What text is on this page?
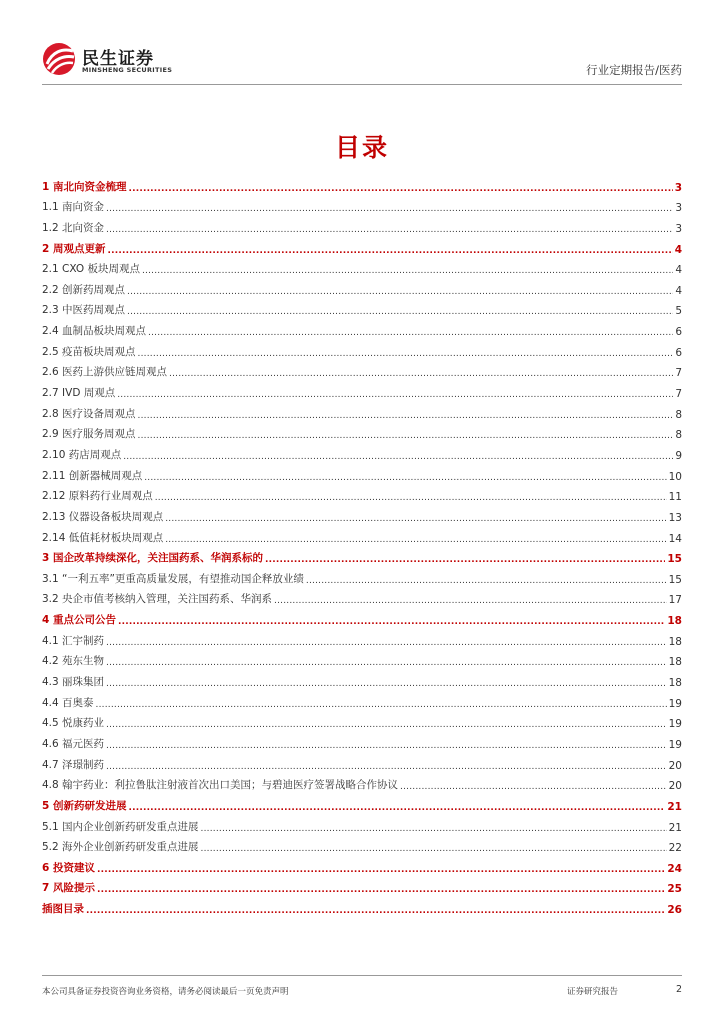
民生证券
MINSHENG SECURITIES	行业定期报告/医药
目录
1 南北向资金梳理 .....	3
1.1 南向资金 .....	3
1.2 北向资金 .....	3
2 周观点更新 .....	4
2.1 CXO 板块周观点 .....	4
2.2 创新药周观点 .....	4
2.3 中医药周观点 .....	5
2.4 血制品板块周观点 .....	6
2.5 疫苗板块周观点 .....	6
2.6 医药上游供应链周观点 .....	7
2.7 IVD 周观点 .....	7
2.8 医疗设备周观点 .....	8
2.9 医疗服务周观点 .....	8
2.10 药店周观点 .....	9
2.11 创新器械周观点 .....	10
2.12 原料药行业周观点 .....	11
2.13 仪器设备板块周观点 .....	13
2.14 低值耗材板块周观点 .....	14
3 国企改革持续深化，关注国药系、华润系标的 .....	15
3.1 “一利五率”更重高质量发展，有望推动国企释放业绩 .....	15
3.2 央企市值考核纳入管理，关注国药系、华润系 .....	17
4 重点公司公告 .....	18
4.1 汇宇制药 .....	18
4.2 苑东生物 .....	18
4.3 丽珠集团 .....	18
4.4 百奥泰 .....	19
4.5 悦康药业 .....	19
4.6 福元医药 .....	19
4.7 泽璟制药 .....	20
4.8 翰宇药业：利拉鲁肽注射液首次出口美国；与碧迪医疗签署战略合作协议 .....	20
5 创新药研发进展 .....	21
5.1 国内企业创新药研发重点进展 .....	21
5.2 海外企业创新药研发重点进展 .....	22
6 投资建议 .....	24
7 风险提示 .....	25
插图目录 .....	26
本公司具备证券投资咨询业务资格，请务必阅读最后一页免责声明	证券研究报告	2
